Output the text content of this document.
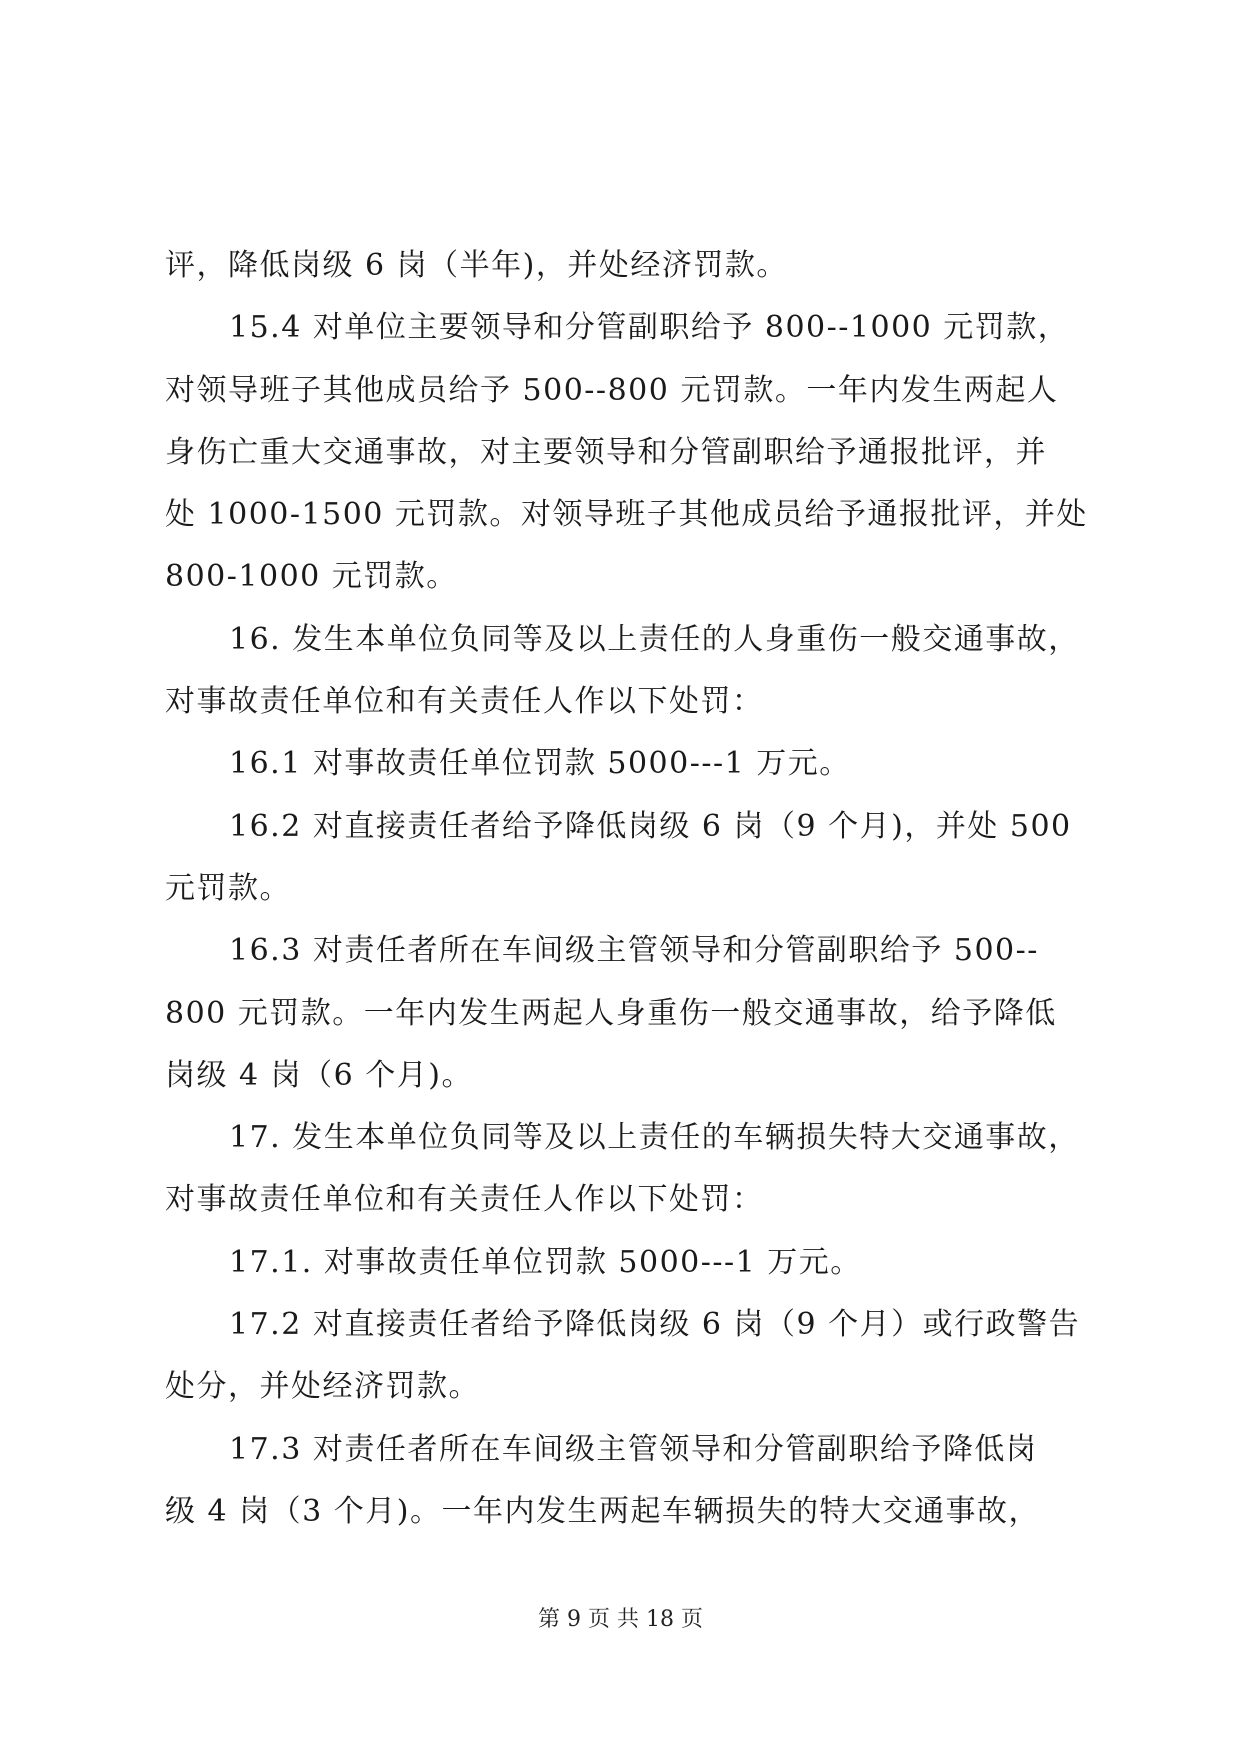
评，降低岗级 6 岗（半年)，并处经济罚款。
15.4 对单位主要领导和分管副职给予 800--1000 元罚款，
对领导班子其他成员给予 500--800 元罚款。一年内发生两起人
身伤亡重大交通事故，对主要领导和分管副职给予通报批评，并
处 1000-1500 元罚款。对领导班子其他成员给予通报批评，并处
800-1000 元罚款。
16. 发生本单位负同等及以上责任的人身重伤一般交通事故，
对事故责任单位和有关责任人作以下处罚：
16.1 对事故责任单位罚款 5000---1 万元。
16.2 对直接责任者给予降低岗级 6 岗（9 个月)，并处 500
元罚款。
16.3 对责任者所在车间级主管领导和分管副职给予 500--
800 元罚款。一年内发生两起人身重伤一般交通事故，给予降低
岗级 4 岗（6 个月)。
17. 发生本单位负同等及以上责任的车辆损失特大交通事故，
对事故责任单位和有关责任人作以下处罚：
17.1. 对事故责任单位罚款 5000---1 万元。
17.2 对直接责任者给予降低岗级 6 岗（9 个月）或行政警告
处分，并处经济罚款。
17.3 对责任者所在车间级主管领导和分管副职给予降低岗
级 4 岗（3 个月)。一年内发生两起车辆损失的特大交通事故，
第 9 页 共 18 页
